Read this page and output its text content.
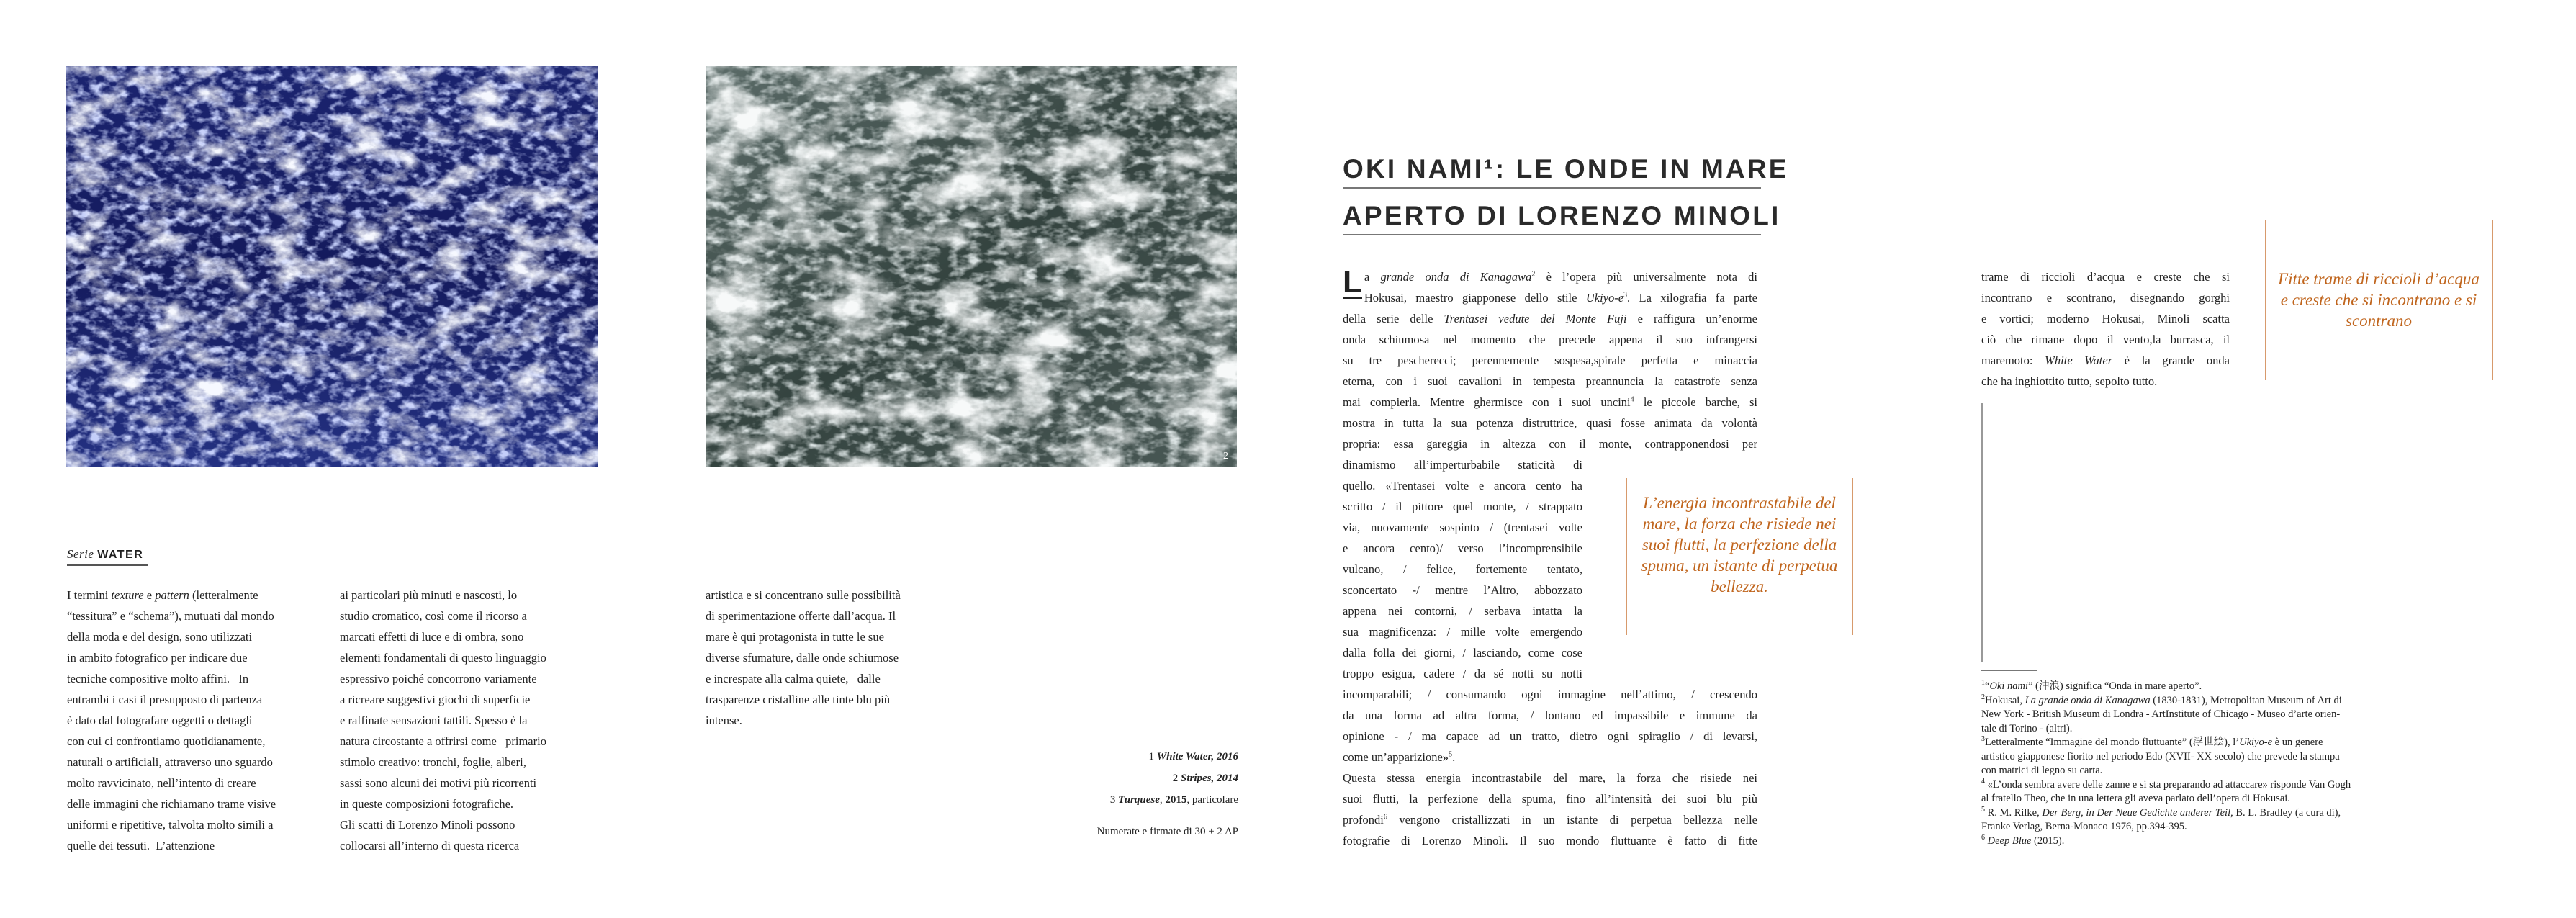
2
Serie WATER
I termini texture e pattern (letteralmente
“tessitura” e “schema”), mutuati dal mondo
della moda e del design, sono utilizzati
in ambito fotografico per indicare due
tecniche compositive molto affini.   In
entrambi i casi il presupposto di partenza
è dato dal fotografare oggetti o dettagli
con cui ci confrontiamo quotidianamente,
naturali o artificiali, attraverso uno sguardo
molto ravvicinato, nell’intento di creare
delle immagini che richiamano trame visive
uniformi e ripetitive, talvolta molto simili a
quelle dei tessuti.  L’attenzione
ai particolari più minuti e nascosti, lo
studio cromatico, così come il ricorso a
marcati effetti di luce e di ombra, sono
elementi fondamentali di questo linguaggio
espressivo poiché concorrono variamente
a ricreare suggestivi giochi di superficie
e raffinate sensazioni tattili. Spesso è la
natura circostante a offrirsi come   primario
stimolo creativo: tronchi, foglie, alberi,
sassi sono alcuni dei motivi più ricorrenti
in queste composizioni fotografiche.
Gli scatti di Lorenzo Minoli possono
collocarsi all’interno di questa ricerca
artistica e si concentrano sulle possibilità
di sperimentazione offerte dall’acqua. Il
mare è qui protagonista in tutte le sue
diverse sfumature, dalle onde schiumose
e increspate alla calma quiete,   dalle
trasparenze cristalline alle tinte blu più
intense.
1 White Water, 2016
2 Stripes, 2014
3 Turquese, 2015, particolare
Numerate e firmate di 30 + 2 AP
OKI NAMI¹: LE ONDE IN MARE
APERTO DI LORENZO MINOLI
L a grande onda di Kanagawa$^2$ è l’opera più universalmente nota di
Hokusai, maestro giapponese dello stile Ukiyo-$e^3$. La xilografia fa parte
della serie delle Trentasei vedute del Monte Fuji e raffigura un’enorme
onda schiumosa nel momento che precede appena il suo infrangersi
su tre pescherecci; perennemente sospesa,spirale perfetta e minaccia
eterna, con i suoi cavalloni in tempesta preannuncia la catastrofe senza
mai compierla. Mentre ghermisce con i suoi uncini$^4$ le piccole barche, si
mostra in tutta la sua potenza distruttrice, quasi fosse animata da volontà
propria: essa gareggia in altezza con il monte, contrapponendosi per
dinamismo all’imperturbabile staticità di
quello. «Trentasei volte e ancora cento ha
scritto / il pittore quel monte, / strappato
via, nuovamente sospinto / (trentasei volte
e ancora cento)/ verso l’incomprensibile
vulcano, / felice, fortemente tentato,
sconcertato -/ mentre l’Altro, abbozzato
appena nei contorni, / serbava intatta la
sua magnificenza: / mille volte emergendo
dalla folla dei giorni, / lasciando, come cose
troppo esigua, cadere / da sé notti su notti
incomparabili; / consumando ogni immagine nell’attimo, / crescendo
da una forma ad altra forma, / lontano ed impassibile e immune da
opinione - / ma capace ad un tratto, dietro ogni spiraglio / di levarsi,
come un’apparizione»$^5$.
Questa stessa energia incontrastabile del mare, la forza che risiede nei
suoi flutti, la perfezione della spuma, fino all’intensità dei suoi blu più
profondi$^6$ vengono cristallizzati in un istante di perpetua bellezza nelle
fotografie di Lorenzo Minoli. Il suo mondo fluttuante è fatto di fitte
L’energia incontrastabile del mare, la forza che risiede nei suoi flutti, la perfezione della spuma, un istante di perpetua bellezza.
trame di riccioli d’acqua e creste che si
incontrano e scontrano, disegnando gorghi
e vortici; moderno Hokusai, Minoli scatta
ciò che rimane dopo il vento,la burrasca, il
maremoto: White Water è la grande onda
che ha inghiottito tutto, sepolto tutto.
Fitte trame di riccioli d’acqua e creste che si incontrano e si scontrano

$^1$“Oki nami” (沖浪) significa “Onda in mare aperto”.

$^2$Hokusai, La grande onda di Kanagawa (1830-1831), Metropolitan Museum of Art di

New York - British Museum di Londra - ArtInstitute of Chicago - Museo d’arte orien-

tale di Torino - (altri).

$^3$Letteralmente “Immagine del mondo fluttuante” (浮世絵), l’Ukiyo-e è un genere

artistico giapponese fiorito nel periodo Edo (XVII- XX secolo) che prevede la stampa

con matrici di legno su carta.

$^4$ «L’onda sembra avere delle zanne e si sta preparando ad attaccare» risponde Van Gogh

al fratello Theo, che in una lettera gli aveva parlato dell’opera di Hokusai.

$^5$ R. M. Rilke, Der Berg, in Der Neue Gedichte anderer Teil, B. L. Bradley (a cura di),

Franke Verlag, Berna-Monaco 1976, pp.394-395.

$^6$ Deep Blue (2015).
